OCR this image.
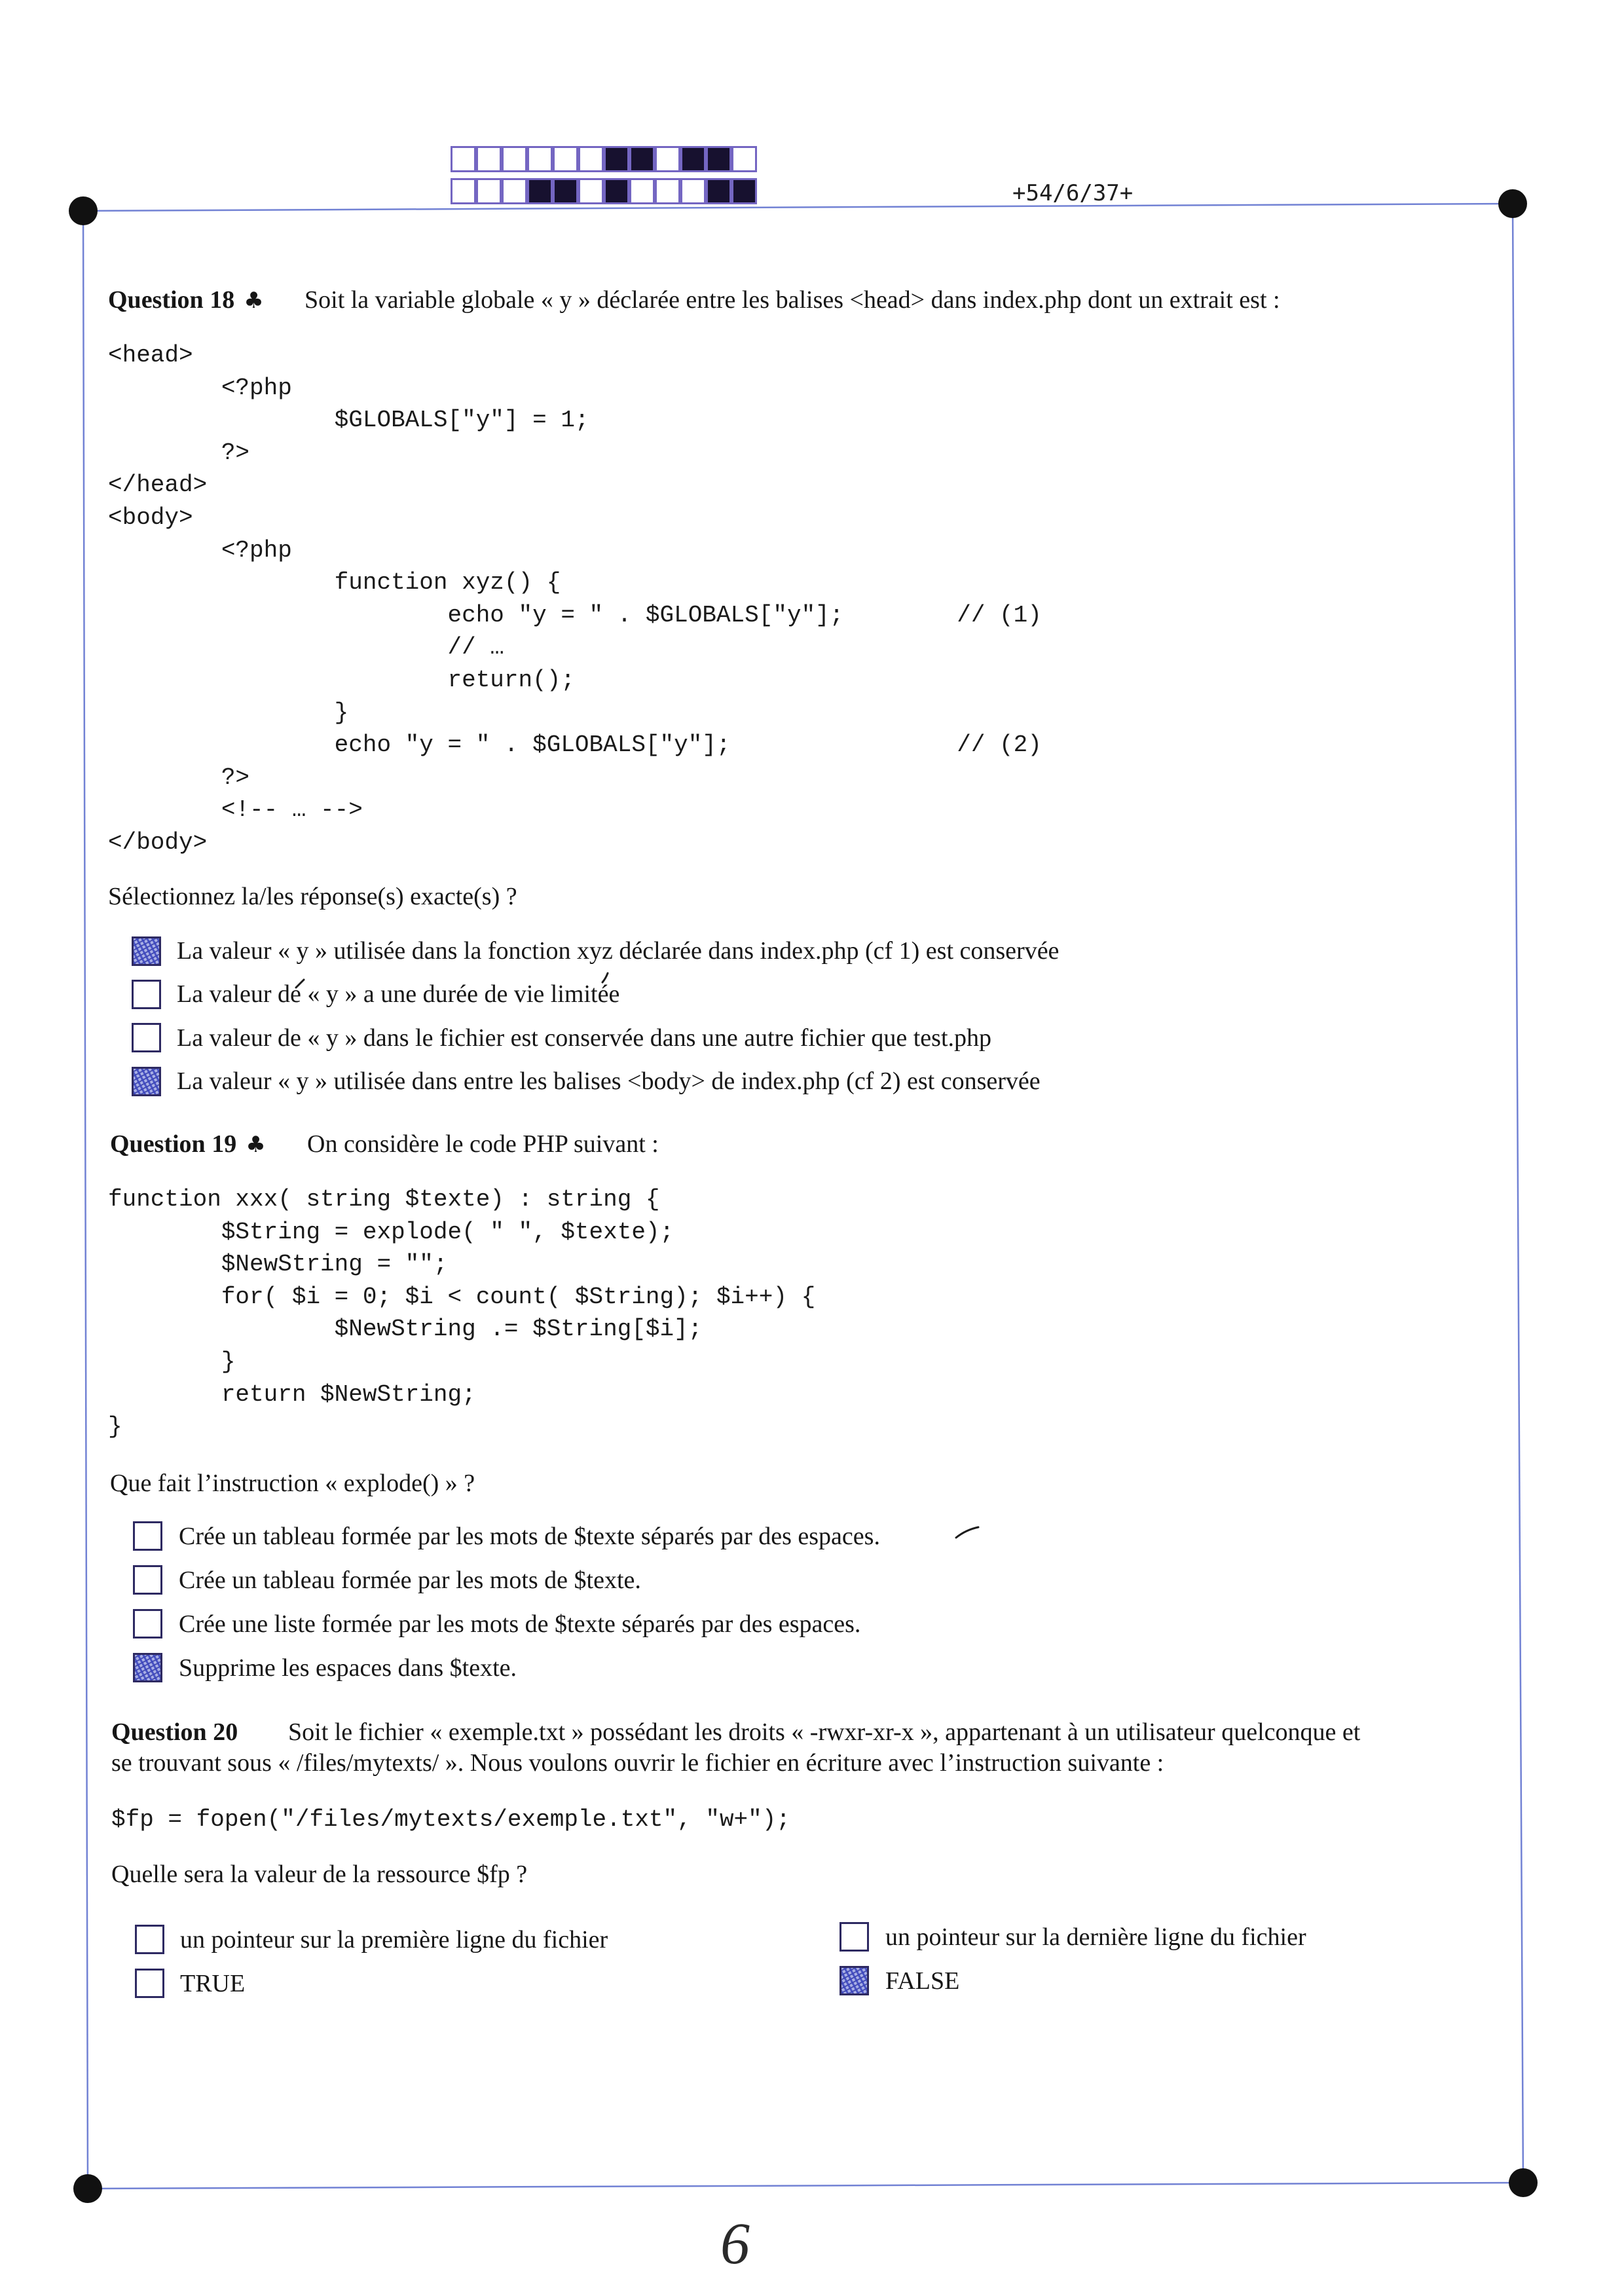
+54/6/37+
Question 18 ♣ Soit la variable globale « y » déclarée entre les balises <head> dans index.php dont un extrait est :
<head>
<?php
$GLOBALS["y"] = 1;
?>
</head>
<body>
<?php
function xyz() {
echo "y = " . $GLOBALS["y"];        // (1)
// …
return();
}
echo "y = " . $GLOBALS["y"];                // (2)
?>
<!-- … -->
</body>
Sélectionnez la/les réponse(s) exacte(s) ?
La valeur « y » utilisée dans la fonction xyz déclarée dans index.php (cf 1) est conservée
La valeur de « y » a une durée de vie limitée
La valeur de « y » dans le fichier est conservée dans une autre fichier que test.php
La valeur « y » utilisée dans entre les balises <body> de index.php (cf 2) est conservée
Question 19 ♣ On considère le code PHP suivant :
function xxx( string $texte) : string {
$String = explode( " ", $texte);
$NewString = "";
for( $i = 0; $i < count( $String); $i++) {
$NewString .= $String[$i];
}
return $NewString;
}
Que fait l’instruction « explode() » ?
Crée un tableau formée par les mots de $texte séparés par des espaces.
Crée un tableau formée par les mots de $texte.
Crée une liste formée par les mots de $texte séparés par des espaces.
Supprime les espaces dans $texte.
Question 20 Soit le fichier « exemple.txt » possédant les droits « -rwxr-xr-x », appartenant à un utilisateur quelconque et
se trouvant sous « /files/mytexts/ ». Nous voulons ouvrir le fichier en écriture avec l’instruction suivante :
$fp = fopen("/files/mytexts/exemple.txt", "w+");
Quelle sera la valeur de la ressource $fp ?
un pointeur sur la première ligne du fichier
TRUE
un pointeur sur la dernière ligne du fichier
FALSE
6
